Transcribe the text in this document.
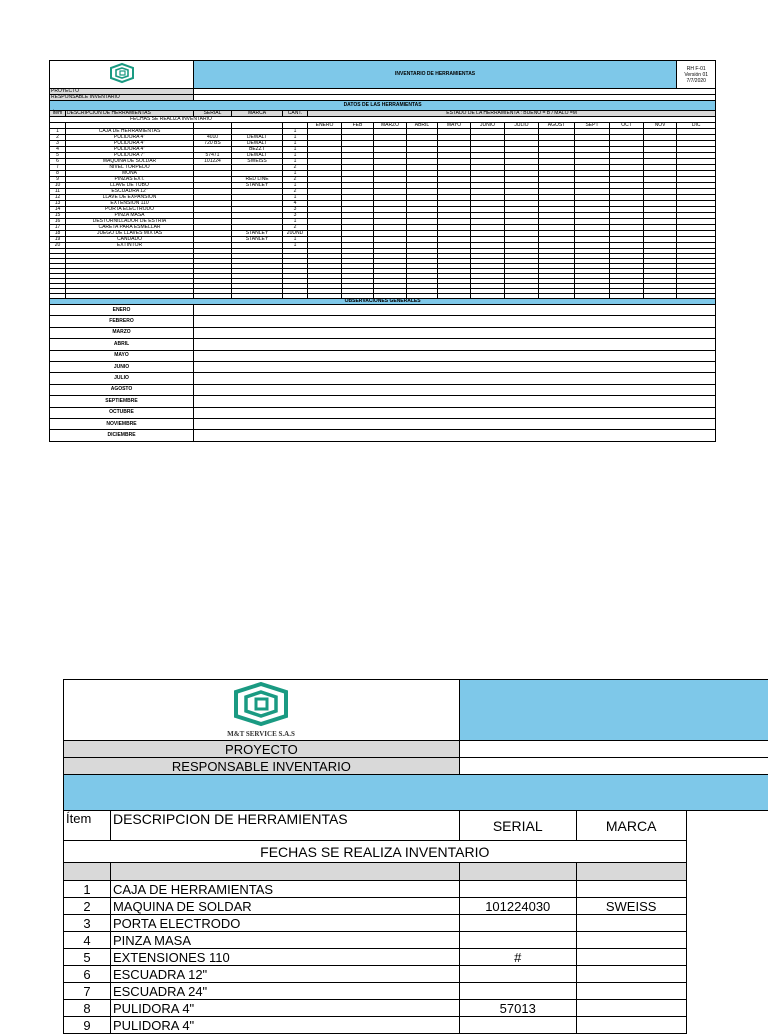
	INVENTARIO DE HERRAMIENTAS														RH F-01
Versión 01
7/7/2020

PROYECTO																
RESPONSABLE INVENTARIO																
DATOS DE LAS HERRAMIENTAS																
Ítem	DESCRIPCION DE HERRAMIENTAS	SERIAL	MARCA	CANT.	ESTADO DE LA HERRAMIENTA : BUENO = B / MALO =M											
FECHAS SE REALIZA INVENTARIO																
					ENERO	FEB	MARZO	ABRIL	MAYO	JUNIO	JULIO	AGOST	SEPT	OCT	NOV	DIC
1	CAJA DE HERRAMIENTAS			1												
2	PULIDORA 4"	4010	DEWALT	1												
3	PULIDORA 4"	720 BS	DEWALT	1												
4	PULIDORA 4"		BEZZT	1												
5	PULIDORA 7"	57471	DEWALT	1												
6	MAQUINA DE SOLDAR	101224	SWEISS	1												
7	NIVEL TORPEDO			2												
8	MONA			1												
9	PINZAS EXT.		RED LINE	2												
10	LLAVE DE TUBO		STANLEY	1												
11	ESCUADRA 12"			2												
12	LLAVE DE EXPANSION			1												
13	EXTENSION 110			4												
14	PORTA ELECTRODO			3												
15	PINZA MASA			3												
16	DESTORNILLADOR DE ESTRIA			1												
17	CARETA PARA ESMELLAR			2												
18	JUEGO DE LLAVES MIXTAS		STANLEY	20UND												
19	CANDADO		STANLEY	1												
20	EXTINTOR			1												

OBSERVACIONES GENERALES																
ENERO																
FEBRERO																
MARZO																
ABRIL																
MAYO																
JUNIO																
JULIO																
AGOSTO																
SEPTIEMBRE																
OCTUBRE																
NOVIEMBRE																
DICIEMBRE																
M&T SERVICE S.A.S				

PROYECTO				
RESPONSABLE INVENTARIO				

Ítem	DESCRIPCION DE HERRAMIENTAS	SERIAL	MARCA	
FECHAS SE REALIZA INVENTARIO				

1	CAJA DE HERRAMIENTAS			
2	MAQUINA DE SOLDAR	101224030	SWEISS	
3	PORTA ELECTRODO			
4	PINZA MASA			
5	EXTENSIONES 110	#		
6	ESCUADRA 12"			
7	ESCUADRA 24"			
8	PULIDORA 4"	57013		
9	PULIDORA 4"			
